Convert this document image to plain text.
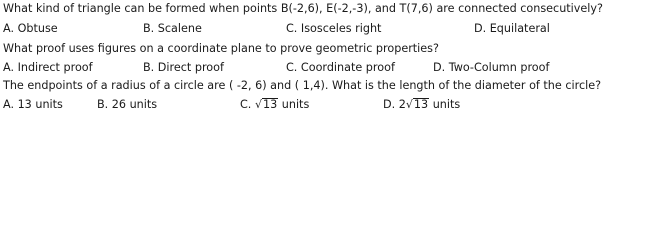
What kind of triangle can be formed when points B(-2,6), E(-2,-3), and T(7,6) are connected consecutively?
A. Obtuse	B. Scalene	C. Isosceles right	D. Equilateral
What proof uses figures on a coordinate plane to prove geometric properties?
A. Indirect proof	B. Direct proof	C. Coordinate proof	D. Two-Column proof
The endpoints of a radius of a circle are ( -2, 6) and ( 1,4). What is the length of the diameter of the circle?
A. 13 units	B. 26 units	C. √13 units	D. 2√13 units
